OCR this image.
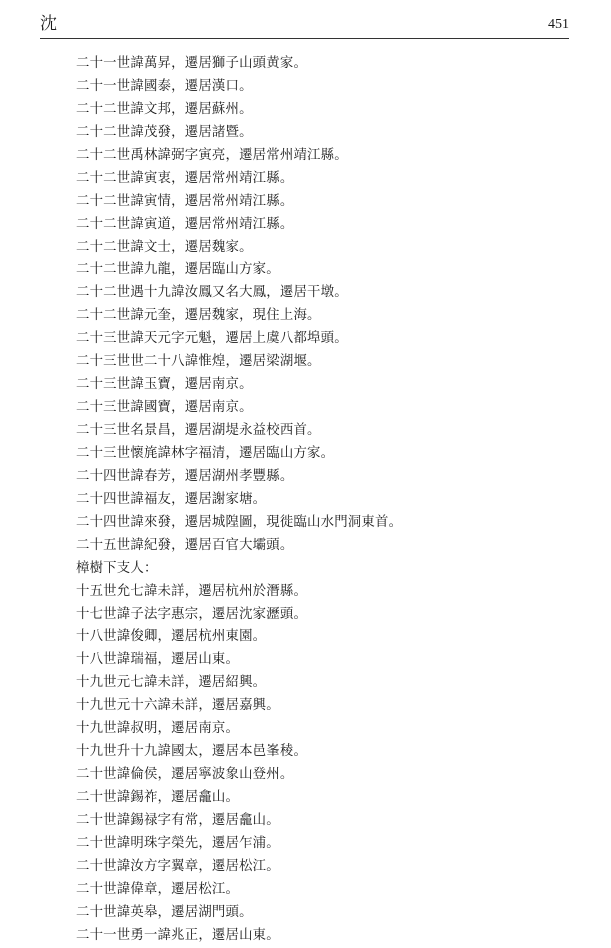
沈	451
二十一世諱萬昇，遷居獅子山頭黄家。
二十一世諱國泰，遷居漢口。
二十二世諱文邦，遷居蘇州。
二十二世諱茂發，遷居諸暨。
二十二世禹林諱弼字寅亮，遷居常州靖江縣。
二十二世諱寅衷，遷居常州靖江縣。
二十二世諱寅情，遷居常州靖江縣。
二十二世諱寅道，遷居常州靖江縣。
二十二世諱文士，遷居魏家。
二十二世諱九龍，遷居臨山方家。
二十二世遇十九諱汝鳳又名大鳳，遷居干墩。
二十二世諱元奎，遷居魏家，現住上海。
二十三世諱天元字元魁，遷居上虞八都埠頭。
二十三世世二十八諱惟煌，遷居梁湖堰。
二十三世諱玉寶，遷居南京。
二十三世諱國寶，遷居南京。
二十三世名景昌，遷居湖堤永益校西首。
二十三世懷旄諱林字福清，遷居臨山方家。
二十四世諱春芳，遷居湖州孝豐縣。
二十四世諱福友，遷居謝家塘。
二十四世諱來發，遷居城隍圖，現徙臨山水門洞東首。
二十五世諱紀發，遷居百官大壩頭。
樟樹下支人：
十五世允七諱未詳，遷居杭州於潛縣。
十七世諱子法字惠宗，遷居沈家瀝頭。
十八世諱俊卿，遷居杭州東園。
十八世諱瑞福，遷居山東。
十九世元七諱未詳，遷居紹興。
十九世元十六諱未詳，遷居嘉興。
十九世諱叔明，遷居南京。
十九世升十九諱國太，遷居本邑峯稜。
二十世諱倫侯，遷居寧波象山登州。
二十世諱錫祚，遷居龕山。
二十世諱錫禄字有常，遷居龕山。
二十世諱明珠字榮先，遷居乍浦。
二十世諱汝方字翼章，遷居松江。
二十世諱偉章，遷居松江。
二十世諱英皋，遷居湖門頭。
二十一世勇一諱兆正，遷居山東。
